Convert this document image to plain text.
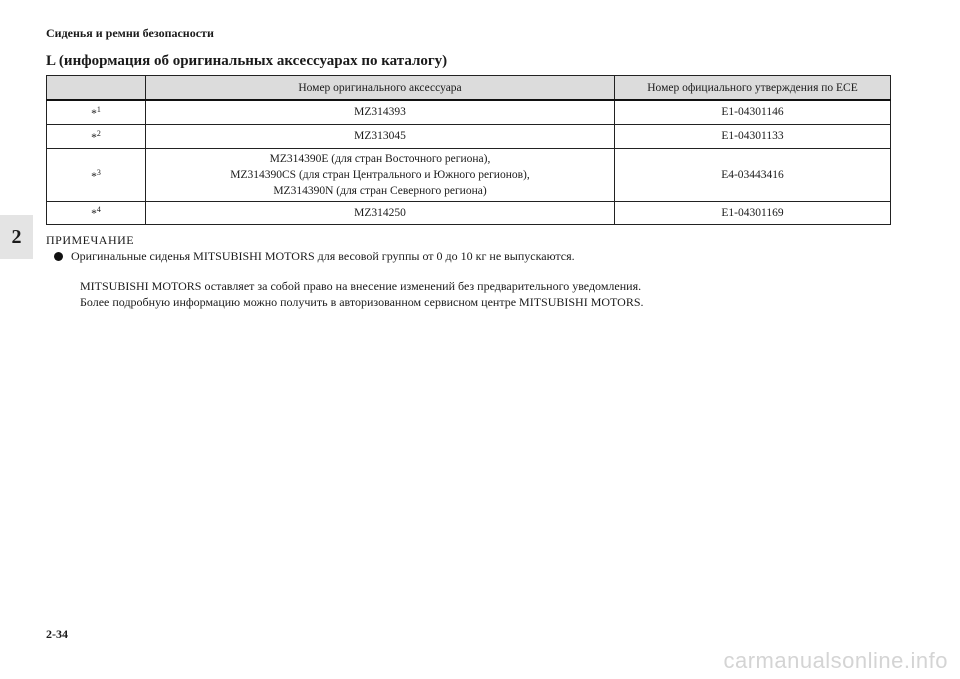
Сиденья и ремни безопасности
2
L (информация об оригинальных аксессуарах по каталогу)
	Номер оригинального аксессуара	Номер официального утверждения по ECE
*$^1$	MZ314393	E1-04301146
*$^2$	MZ313045	E1-04301133
*$^3$	MZ314390E (для стран Восточного региона),
MZ314390CS (для стран Центрального и Южного регионов),
MZ314390N (для стран Северного региона)	E4-03443416
*$^4$	MZ314250	E1-04301169
ПРИМЕЧАНИЕ
Оригинальные сиденья MITSUBISHI MOTORS для весовой группы от 0 до 10 кг не выпускаются.
MITSUBISHI MOTORS оставляет за собой право на внесение изменений без предварительного уведомления.
Более подробную информацию можно получить в авторизованном сервисном центре MITSUBISHI MOTORS.
2-34
carmanualsonline.info
